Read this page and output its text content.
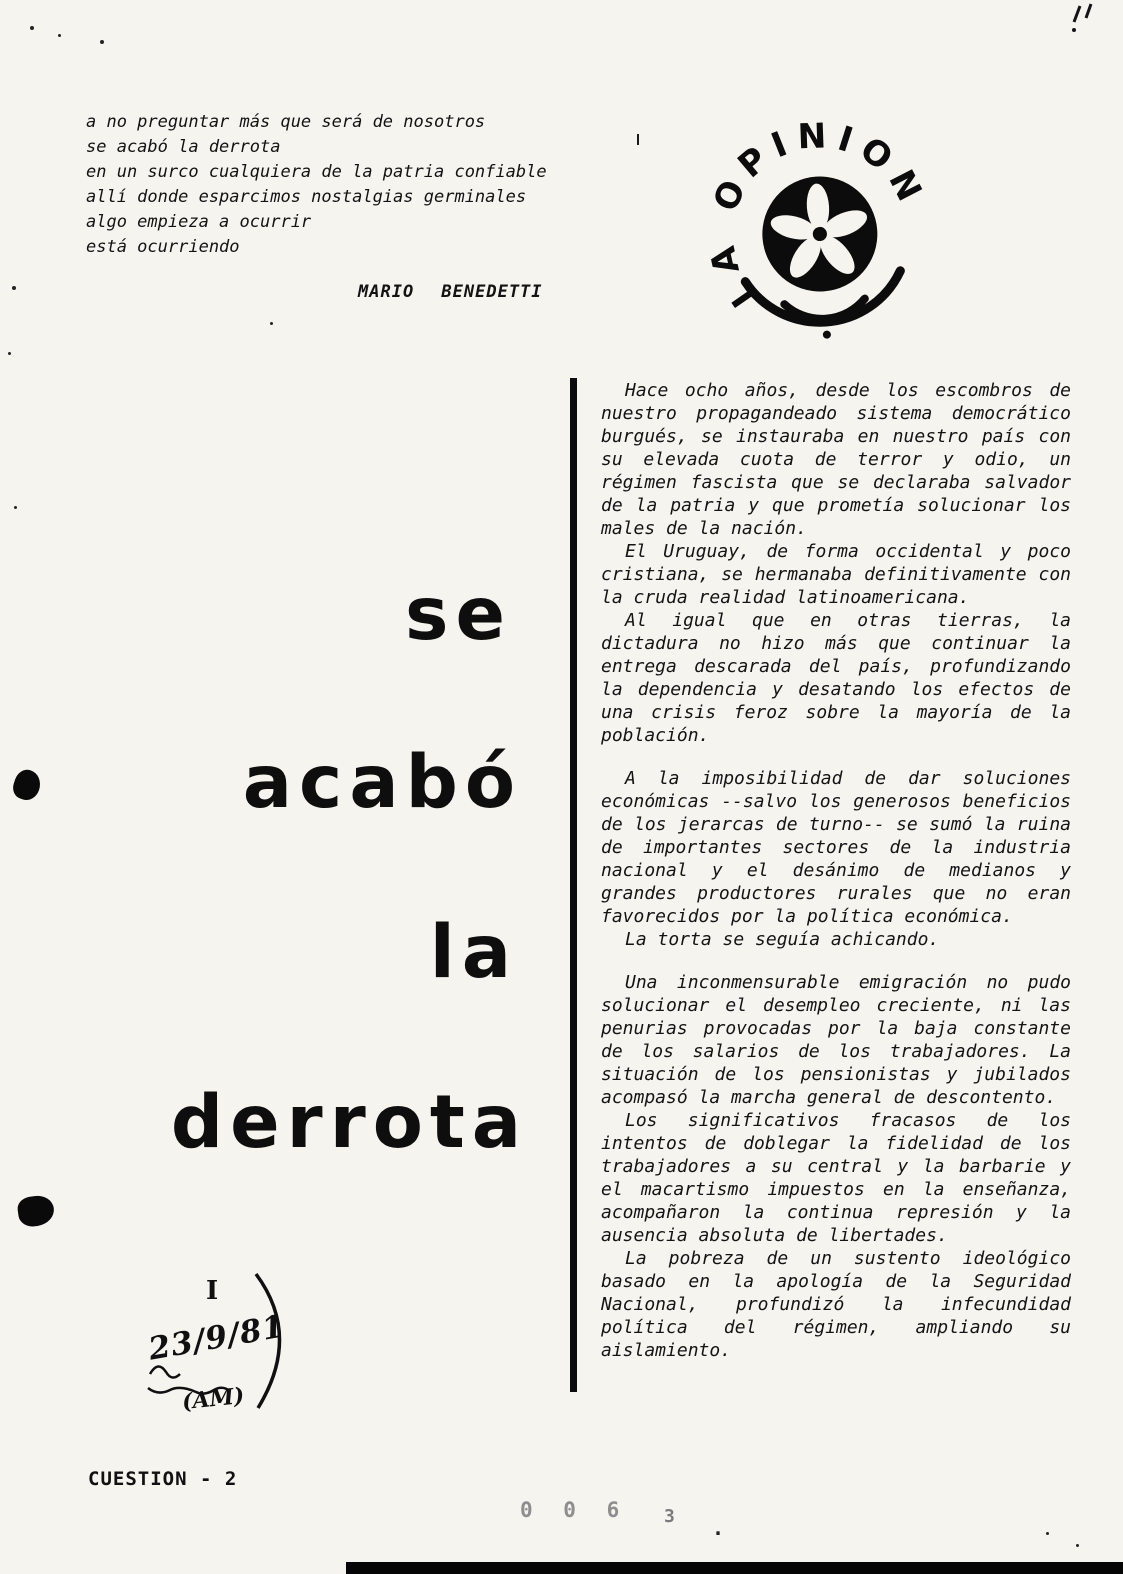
a no preguntar más que será de nosotros
se acabó la derrota
en un surco cualquiera de la patria confiable
allí donde esparcimos nostalgias germinales
algo empieza a ocurrir
está ocurriendo
MARIO BENEDETTI	LA OPINION
se
acabó
la
derrota

Hace ocho años, desde los escombros de nuestro propagandeado sistema democrático burgués, se instauraba en nuestro país con su elevada cuota de terror y odio, un régimen fascista que se declaraba salvador de la patria y que prometía solucionar los males de la nación.

El Uruguay, de forma occidental y poco cristiana, se hermanaba definitivamente con la cruda realidad latinoamericana.

Al igual que en otras tierras, la dictadura no hizo más que continuar la entrega descarada del país, profundizando la dependencia y desatando los efectos de una crisis feroz sobre la mayoría de la población.

A la imposibilidad de dar soluciones económicas --salvo los generosos beneficios de los jerarcas de turno-- se sumó la ruina de importantes sectores de la industria nacional y el desánimo de medianos y grandes productores rurales que no eran favorecidos por la política económica.

La torta se seguía achicando.

Una inconmensurable emigración no pudo solucionar el desempleo creciente, ni las penurias provocadas por la baja constante de los salarios de los trabajadores. La situación de los pensionistas y jubilados acompasó la marcha general de descontento.

Los significativos fracasos de los intentos de doblegar la fidelidad de los trabajadores a su central y la barbarie y el macartismo impuestos en la enseñanza, acompañaron la continua represión y la ausencia absoluta de libertades.

La pobreza de un sustento ideológico basado en la apología de la Seguridad Nacional, profundizó la infecundidad política del régimen, ampliando su aislamiento.

I
23/9/81
(AM)
CUESTION - 2
0 0 6 3 .
